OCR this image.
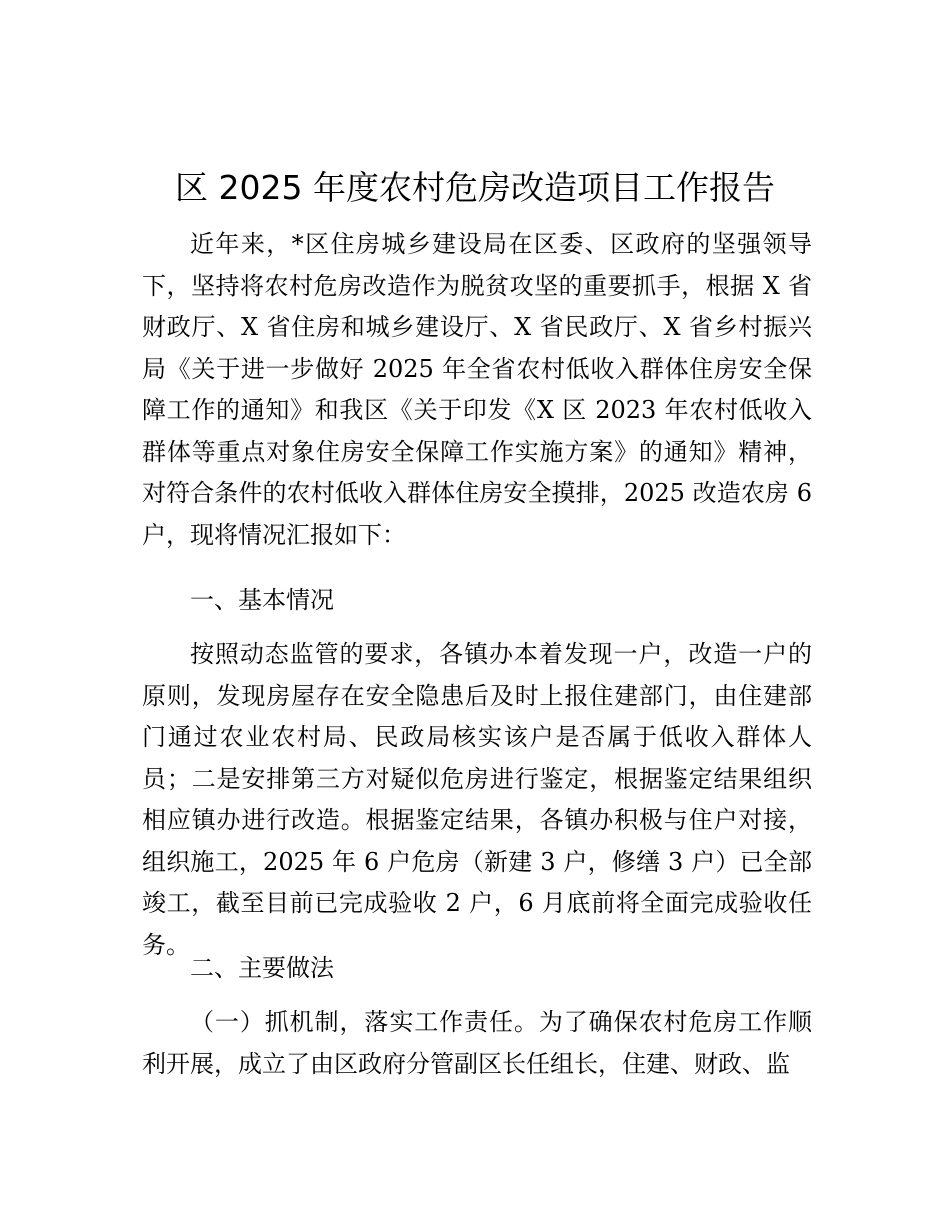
区 2025 年度农村危房改造项目工作报告

近年来，*区住房城乡建设局在区委、区政府的坚强领导下，坚持将农村危房改造作为脱贫攻坚的重要抓手，根据 X 省财政厅、X 省住房和城乡建设厅、X 省民政厅、X 省乡村振兴局《关于进一步做好 2025 年全省农村低收入群体住房安全保障工作的通知》和我区《关于印发《X 区 2023 年农村低收入群体等重点对象住房安全保障工作实施方案》的通知》精神，对符合条件的农村低收入群体住房安全摸排，2025 改造农房 6 户，现将情况汇报如下：

一、基本情况

按照动态监管的要求，各镇办本着发现一户，改造一户的原则，发现房屋存在安全隐患后及时上报住建部门，由住建部门通过农业农村局、民政局核实该户是否属于低收入群体人员；二是安排第三方对疑似危房进行鉴定，根据鉴定结果组织相应镇办进行改造。根据鉴定结果，各镇办积极与住户对接，组织施工，2025 年 6 户危房（新建 3 户，修缮 3 户）已全部竣工，截至目前已完成验收 2 户，6 月底前将全面完成验收任务。

二、主要做法

（一）抓机制，落实工作责任。为了确保农村危房工作顺利开展，成立了由区政府分管副区长任组长，住建、财政、监
